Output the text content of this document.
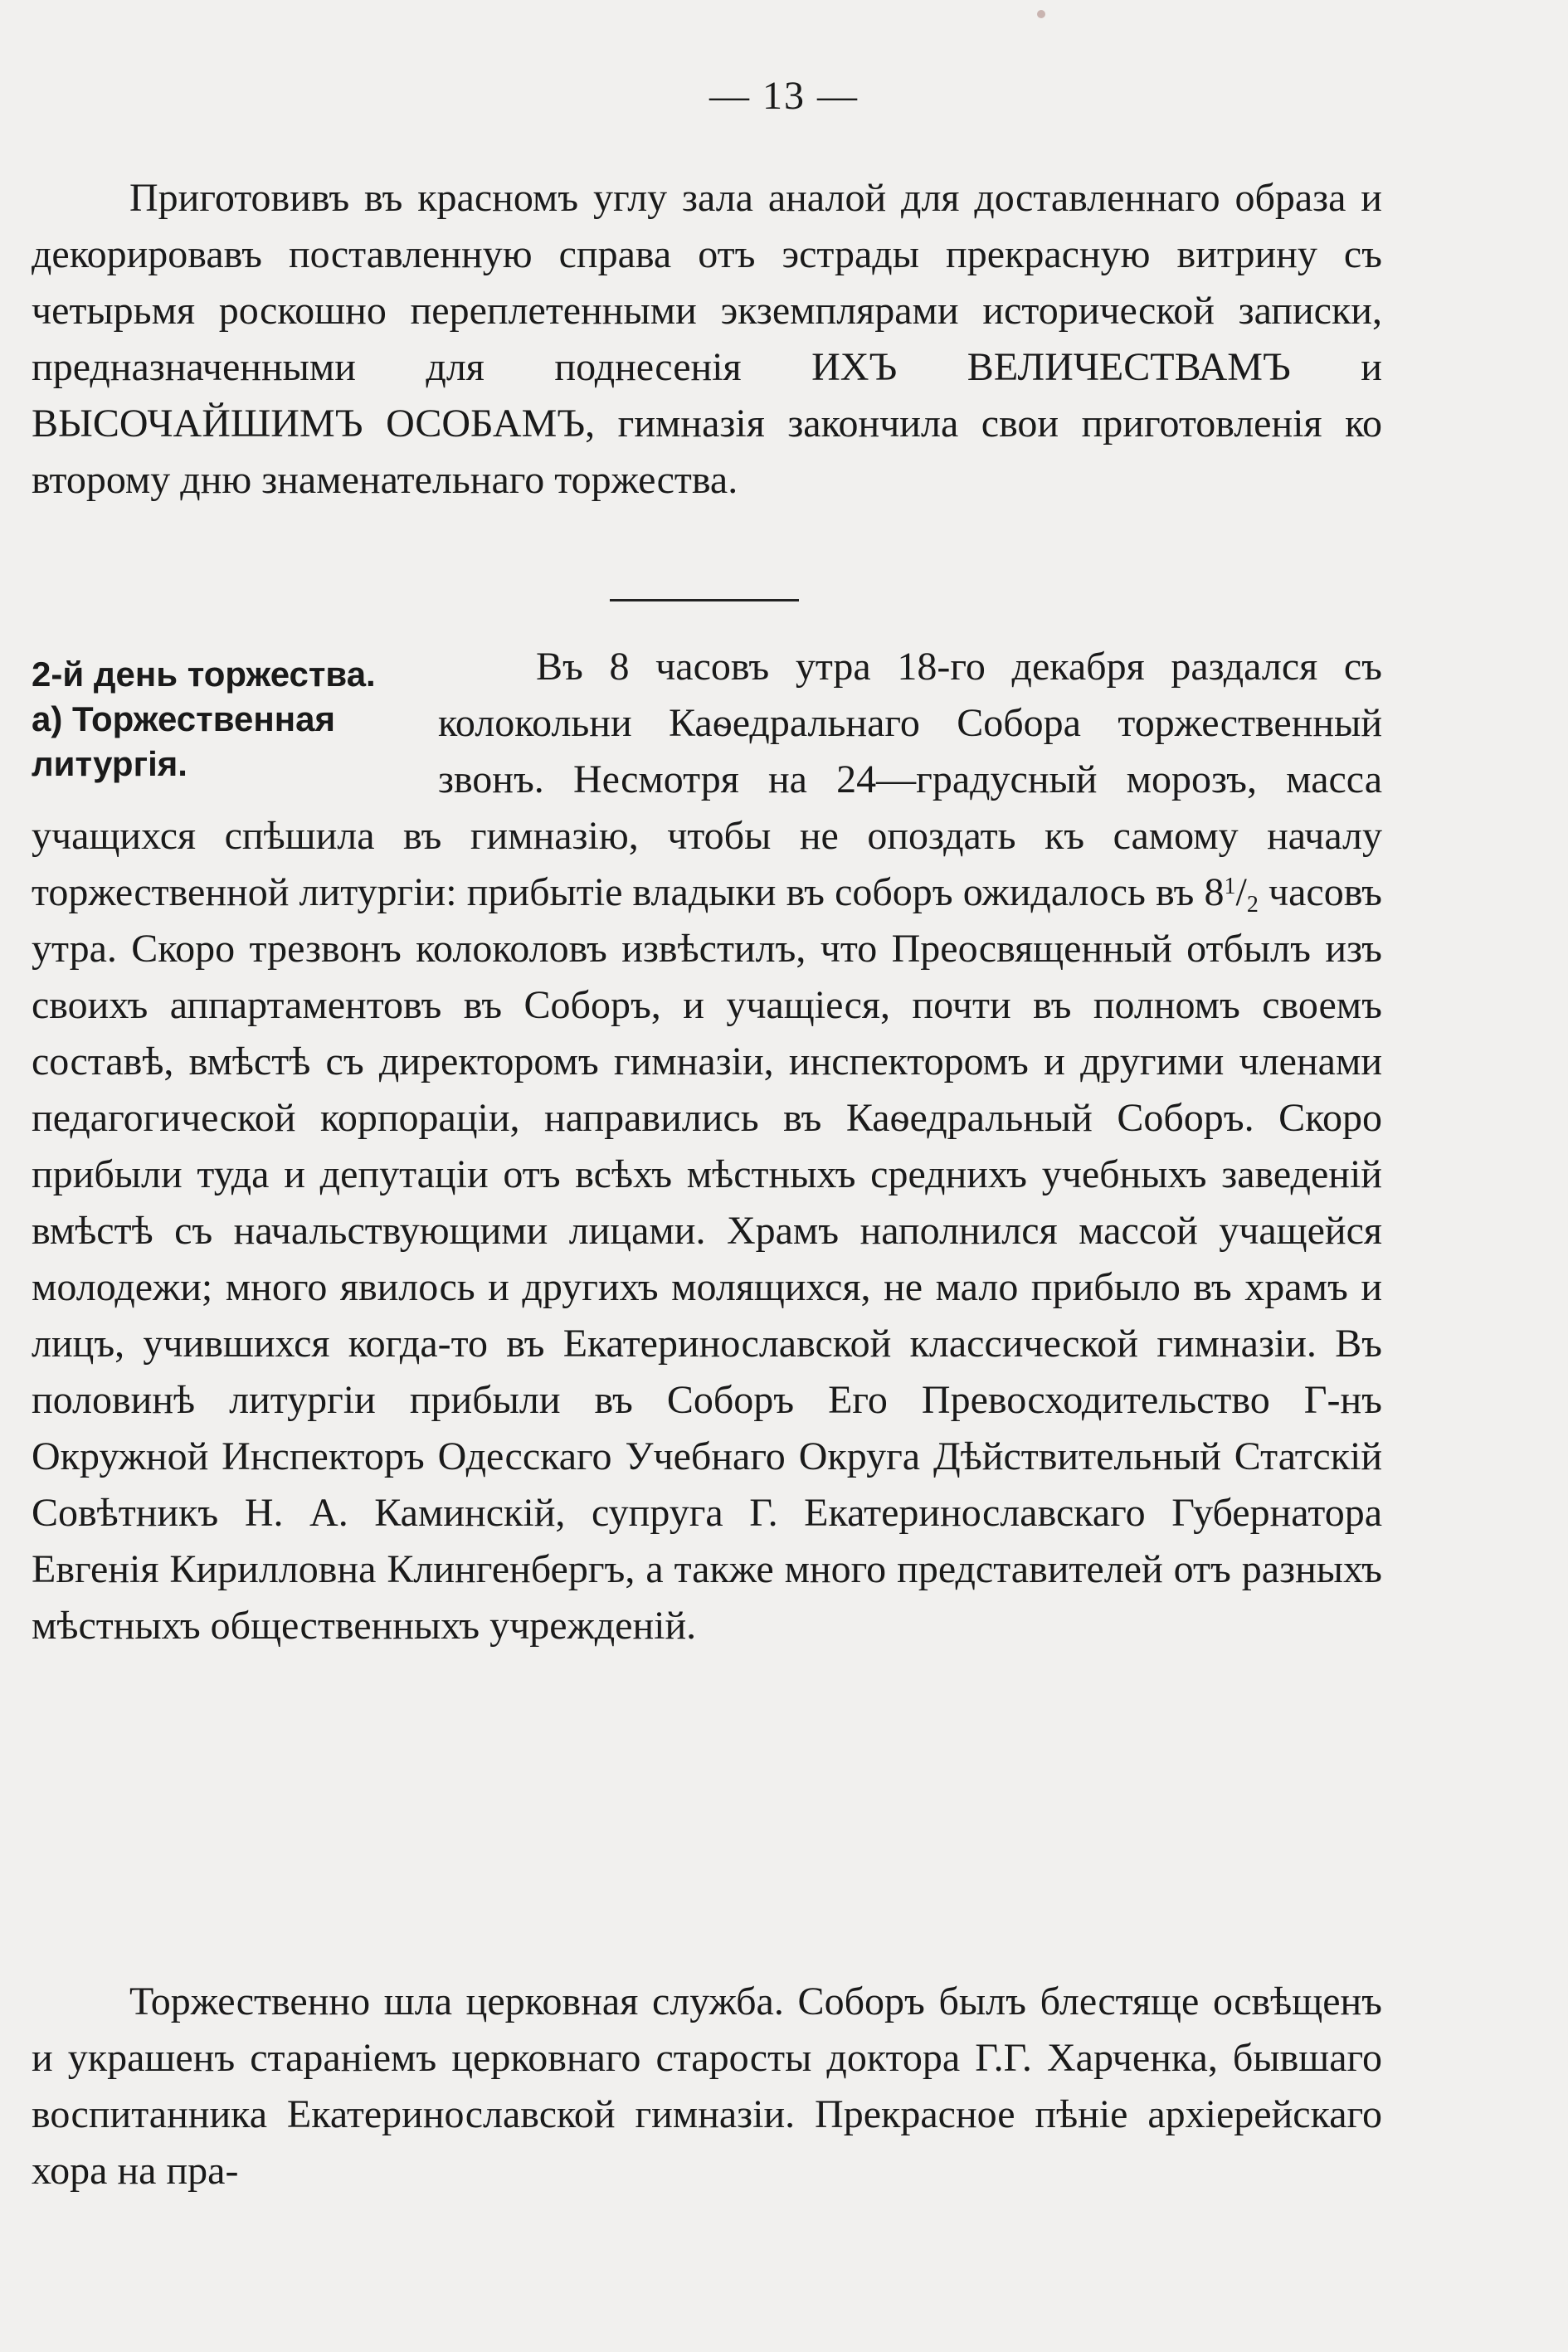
— 13 —

Приготовивъ въ красномъ углу зала аналой для доставленнаго образа и декорировавъ поставленную справа отъ эстрады прекрасную витрину съ четырьмя роскошно переплетенными экземплярами исторической записки, предназначенными для поднесенія ИХЪ ВЕЛИЧЕСТВАМЪ и ВЫСОЧАЙШИМЪ ОСОБАМЪ, гимназія закончила свои приготовленія ко второму дню знаменательнаго торжества.

2-й день торжества. а) Торжественная литургія.

Въ 8 часовъ утра 18-го декабря раздался съ колокольни Каѳедральнаго Собора торжественный звонъ. Несмотря на 24—градусный морозъ, масса учащихся спѣшила въ гимназію, чтобы не опоздать къ самому началу торжественной литургіи: прибытіе владыки въ соборъ ожидалось въ $8^1/2$ часовъ утра. Скоро трезвонъ колоколовъ извѣстилъ, что Преосвященный отбылъ изъ своихъ аппартаментовъ въ Соборъ, и учащіеся, почти въ полномъ своемъ составѣ, вмѣстѣ съ директоромъ гимназіи, инспекторомъ и другими членами педагогической корпораціи, направились въ Каѳедральный Соборъ. Скоро прибыли туда и депутаціи отъ всѣхъ мѣстныхъ среднихъ учебныхъ заведеній вмѣстѣ съ начальствующими лицами. Храмъ наполнился массой учащейся молодежи; много явилось и другихъ молящихся, не мало прибыло въ храмъ и лицъ, учившихся когда-то въ Екатеринославской классической гимназіи. Въ половинѣ литургіи прибыли въ Соборъ Его Превосходительство Г-нъ Окружной Инспекторъ Одесскаго Учебнаго Округа Дѣйствительный Статскій Совѣтникъ Н. А. Каминскій, супруга Г. Екатеринославскаго Губернатора Евгенія Кирилловна Клингенбергъ, а также много представителей отъ разныхъ мѣстныхъ общественныхъ учрежденій.

Торжественно шла церковная служба. Соборъ былъ блестяще освѣщенъ и украшенъ стараніемъ церковнаго старосты доктора Г.Г. Харченка, бывшаго воспитанника Екатеринославской гимназіи. Прекрасное пѣніе архіерейскаго хора на пра-
